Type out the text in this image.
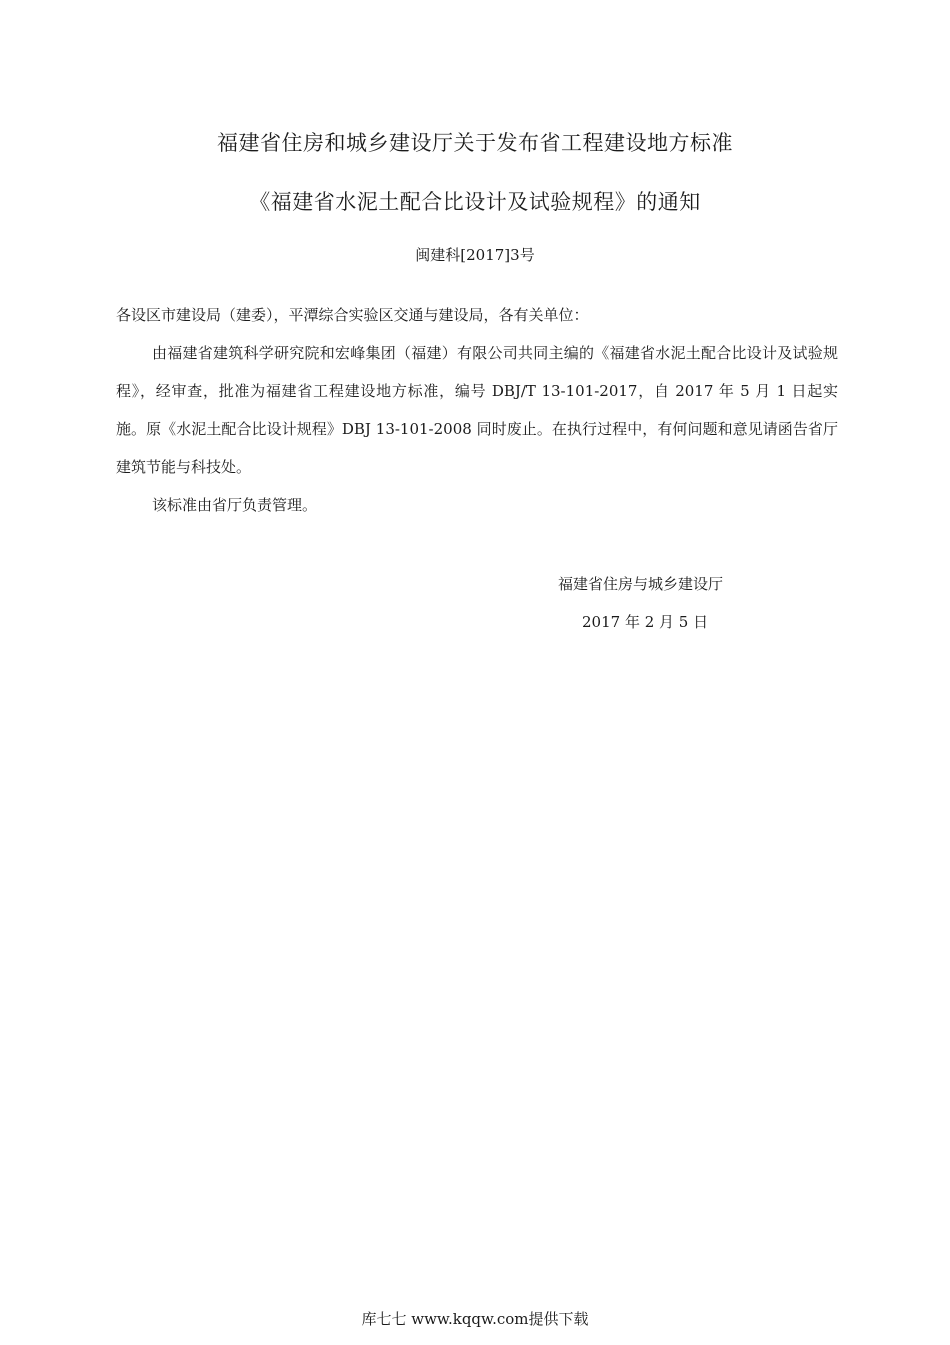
福建省住房和城乡建设厅关于发布省工程建设地方标准
《福建省水泥土配合比设计及试验规程》的通知
闽建科[2017]3号

各设区市建设局（建委），平潭综合实验区交通与建设局，各有关单位：

由福建省建筑科学研究院和宏峰集团（福建）有限公司共同主编的《福建省水泥土配合比设计及试验规程》，经审查，批准为福建省工程建设地方标准，编号 DBJ/T 13-101-2017，自 2017 年 5 月 1 日起实施。原《水泥土配合比设计规程》DBJ 13-101-2008 同时废止。在执行过程中，有何问题和意见请函告省厅建筑节能与科技处。

该标准由省厅负责管理。

福建省住房与城乡建设厅
2017 年 2 月 5 日
库七七 www.kqqw.com提供下载
